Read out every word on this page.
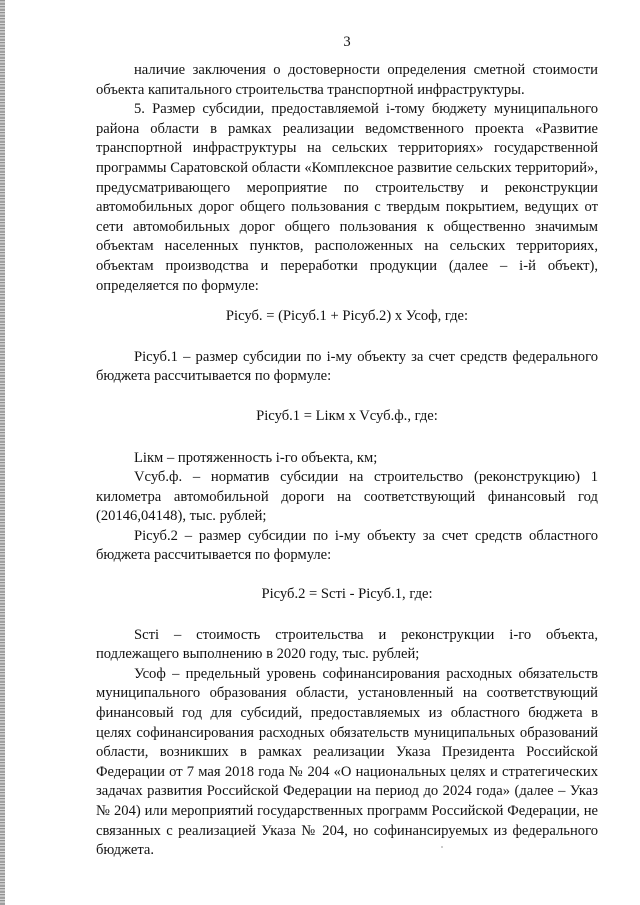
3

наличие заключения о достоверности определения сметной стоимости объекта капитального строительства транспортной инфраструктуры.

5. Размер субсидии, предоставляемой i-тому бюджету муниципального района области в рамках реализации ведомственного проекта «Развитие транспортной инфраструктуры на сельских территориях» государственной программы Саратовской области «Комплексное развитие сельских территорий», предусматривающего мероприятие по строительству и реконструкции автомобильных дорог общего пользования с твердым покрытием, ведущих от сети автомобильных дорог общего пользования к общественно значимым объектам населенных пунктов, расположенных на сельских территориях, объектам производства и переработки продукции (далее – i-й объект), определяется по формуле:

Piсуб. = (Piсуб.1 + Piсуб.2) x Усоф, где:

Piсуб.1 – размер субсидии по i-му объекту за счет средств федерального бюджета рассчитывается по формуле:

Piсуб.1 = Liкм x Vсуб.ф., где:

Liкм – протяженность i-го объекта, км;

Vсуб.ф. – норматив субсидии на строительство (реконструкцию) 1 километра автомобильной дороги на соответствующий финансовый год (20146,04148), тыс. рублей;

Piсуб.2 – размер субсидии по i-му объекту за счет средств областного бюджета рассчитывается по формуле:

Piсуб.2 = Scтi - Piсуб.1, где:

Scтi – стоимость строительства и реконструкции i-го объекта, подлежащего выполнению в 2020 году, тыс. рублей;

Усоф – предельный уровень софинансирования расходных обязательств муниципального образования области, установленный на соответствующий финансовый год для субсидий, предоставляемых из областного бюджета в целях софинансирования расходных обязательств муниципальных образований области, возникших в рамках реализации Указа Президента Российской Федерации от 7 мая 2018 года № 204 «О национальных целях и стратегических задачах развития Российской Федерации на период до 2024 года» (далее – Указ № 204) или мероприятий государственных программ Российской Федерации, не связанных с реализацией Указа № 204, но софинансируемых из федерального бюджета.
